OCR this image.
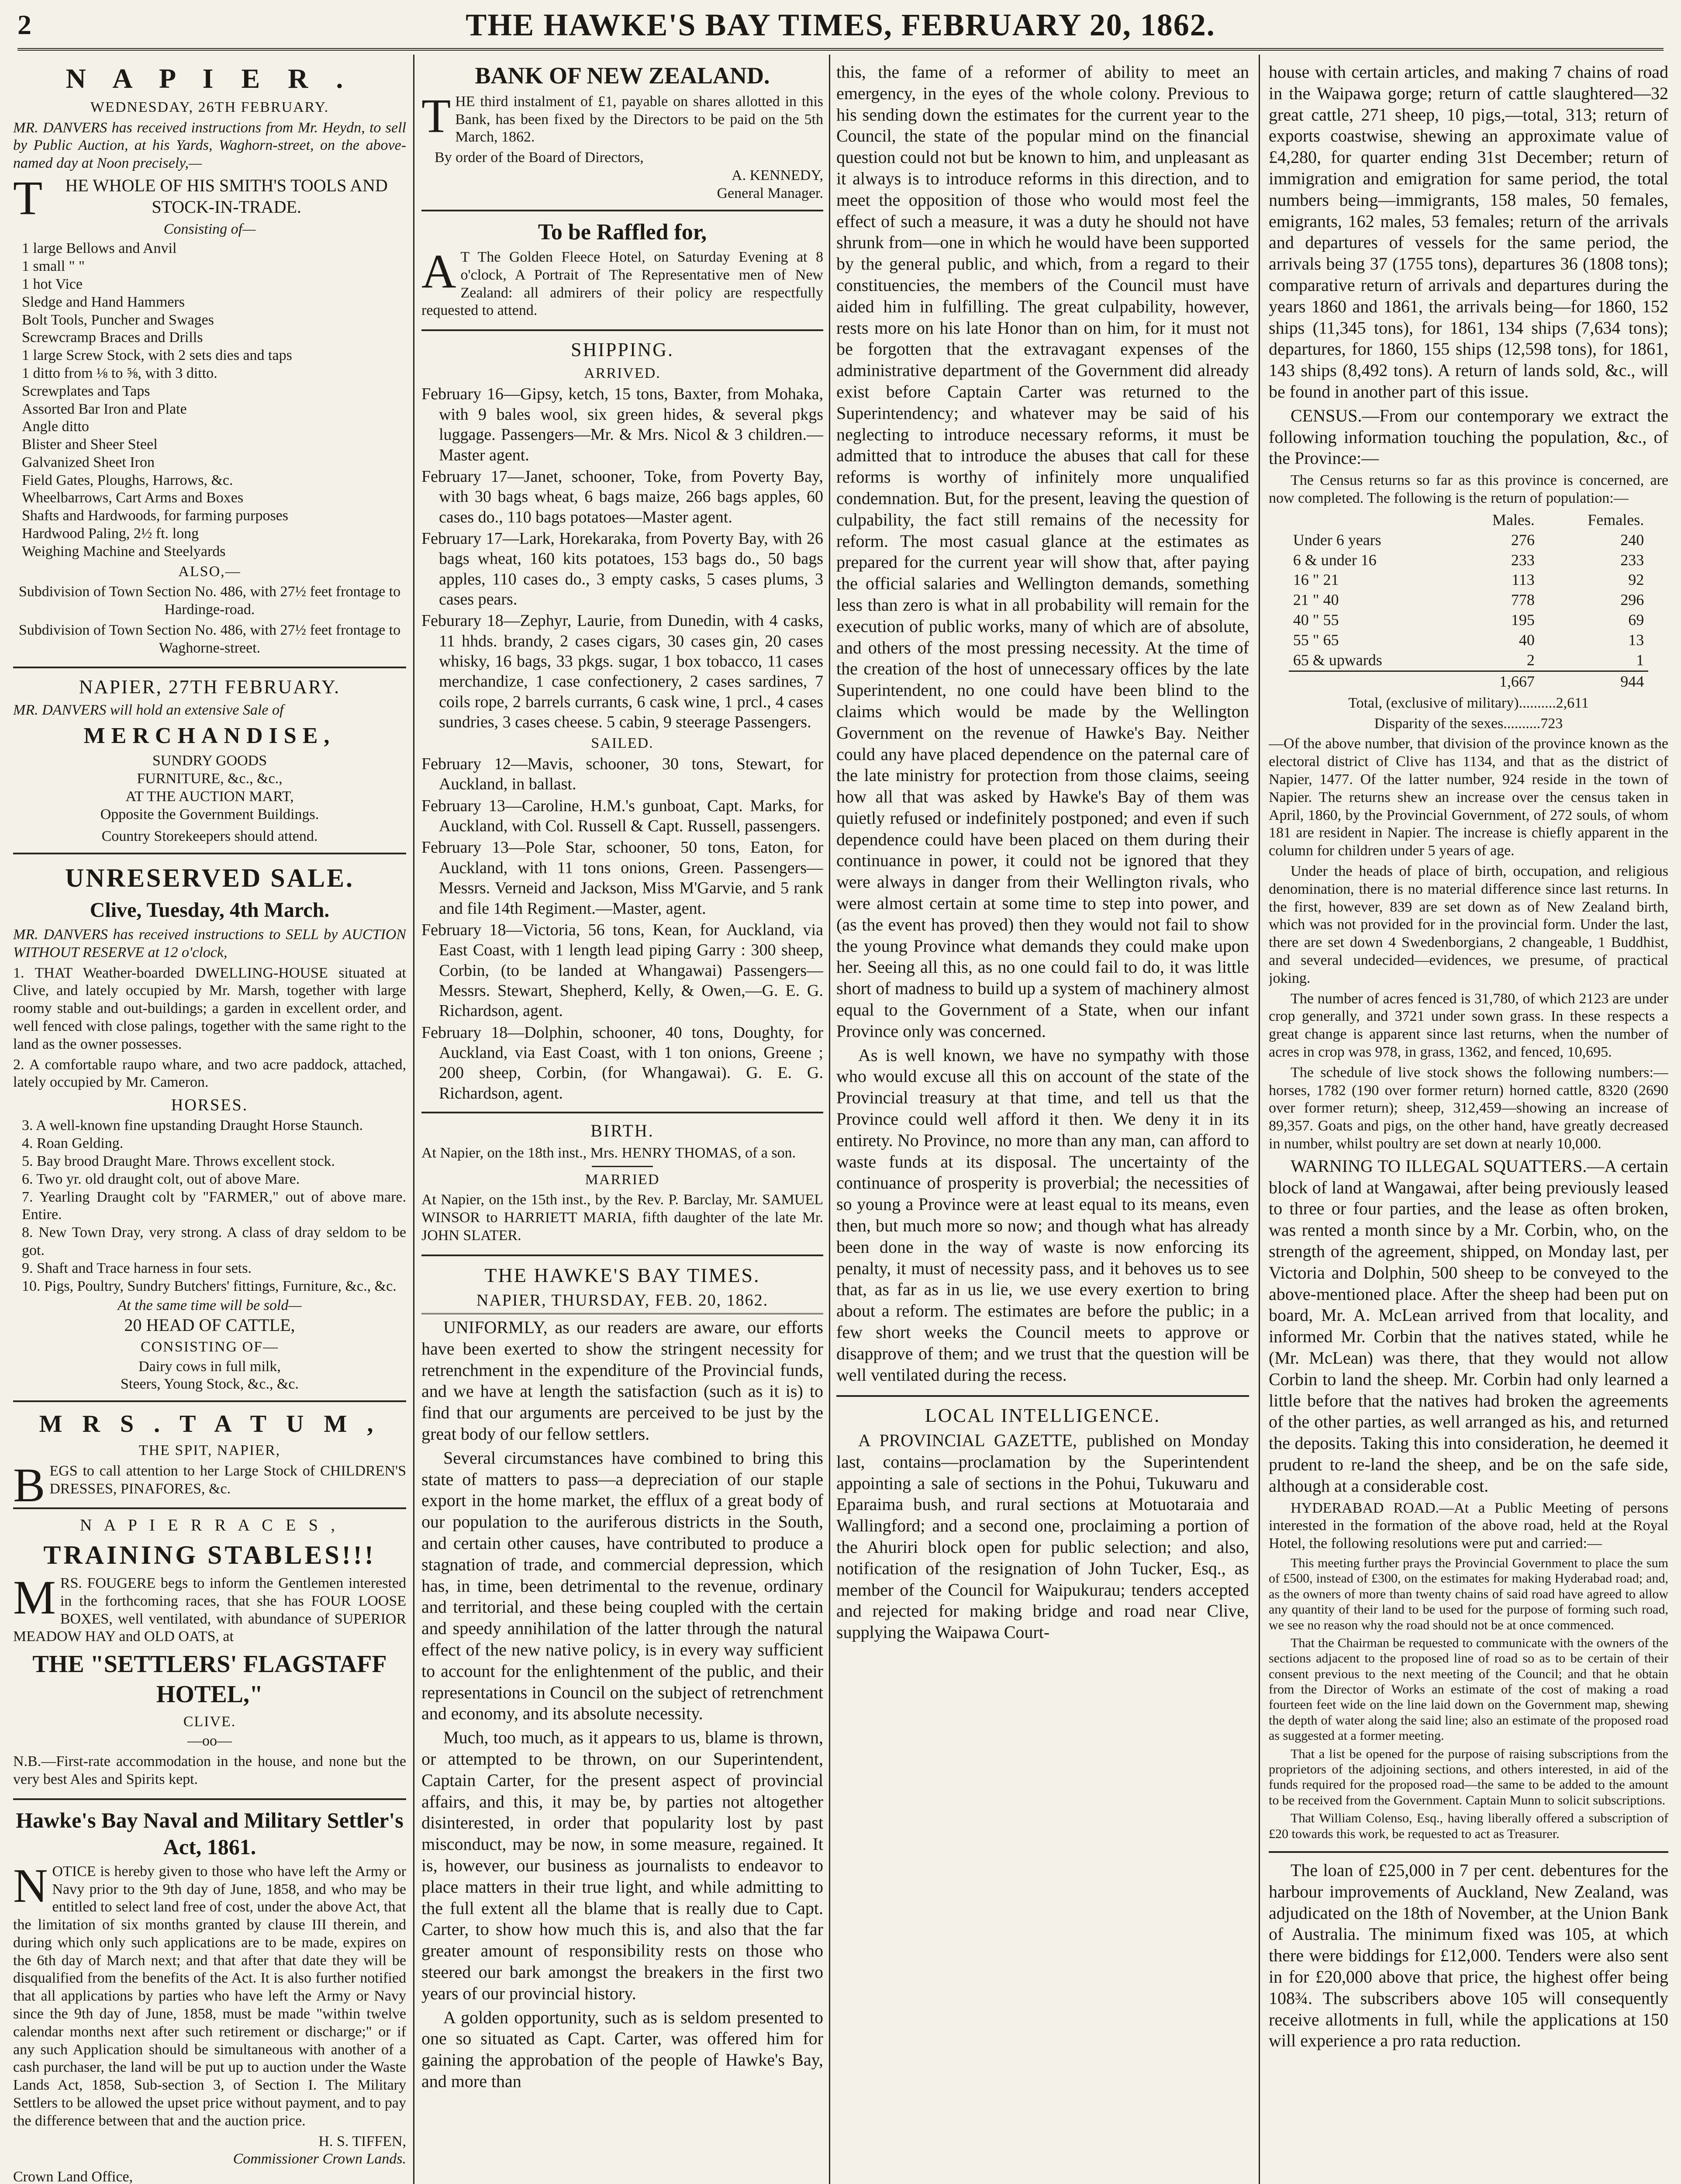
2	THE HAWKE'S BAY TIMES, FEBRUARY 20, 1862.
N A P I E R .
WEDNESDAY, 26TH FEBRUARY.
MR. DANVERS has received instructions from Mr. Heydn, to sell by Public Auction, at his Yards, Waghorn-street, on the above-named day at Noon precisely,—
THE WHOLE OF HIS SMITH'S TOOLS AND STOCK-IN-TRADE.
Consisting of—
1 large Bellows and Anvil
1 small " "
1 hot Vice
Sledge and Hand Hammers
Bolt Tools, Puncher and Swages
Screwcramp Braces and Drills
1 large Screw Stock, with 2 sets dies and taps
1 ditto from ⅛ to ⅝, with 3 ditto.
Screwplates and Taps
Assorted Bar Iron and Plate
Angle ditto
Blister and Sheer Steel
Galvanized Sheet Iron
Field Gates, Ploughs, Harrows, &c.
Wheelbarrows, Cart Arms and Boxes
Shafts and Hardwoods, for farming purposes
Hardwood Paling, 2½ ft. long
Weighing Machine and Steelyards
ALSO,—
Subdivision of Town Section No. 486, with 27½ feet frontage to Hardinge-road.
Subdivision of Town Section No. 486, with 27½ feet frontage to Waghorne-street.
NAPIER, 27TH FEBRUARY.
MR. DANVERS will hold an extensive Sale of
MERCHANDISE,
SUNDRY GOODS
FURNITURE, &c., &c.,
AT THE AUCTION MART,
Opposite the Government Buildings.
Country Storekeepers should attend.
UNRESERVED SALE.
Clive, Tuesday, 4th March.
MR. DANVERS has received instructions to SELL by AUCTION WITHOUT RESERVE at 12 o'clock,
1. THAT Weather-boarded DWELLING-HOUSE situated at Clive, and lately occupied by Mr. Marsh, together with large roomy stable and out-buildings; a garden in excellent order, and well fenced with close palings, together with the same right to the land as the owner possesses.
2. A comfortable raupo whare, and two acre paddock, attached, lately occupied by Mr. Cameron.
HORSES.
3. A well-known fine upstanding Draught Horse Staunch.
4. Roan Gelding.
5. Bay brood Draught Mare. Throws excellent stock.
6. Two yr. old draught colt, out of above Mare.
7. Yearling Draught colt by "FARMER," out of above mare. Entire.
8. New Town Dray, very strong. A class of dray seldom to be got.
9. Shaft and Trace harness in four sets.
10. Pigs, Poultry, Sundry Butchers' fittings, Furniture, &c., &c.
At the same time will be sold—
20 HEAD OF CATTLE,
CONSISTING OF—
Dairy cows in full milk,
Steers, Young Stock, &c., &c.
M R S . T A T U M ,
THE SPIT, NAPIER,
BEGS to call attention to her Large Stock of CHILDREN'S DRESSES, PINAFORES, &c.
N A P I E R R A C E S ,
TRAINING STABLES!!!
MRS. FOUGERE begs to inform the Gentlemen interested in the forthcoming races, that she has FOUR LOOSE BOXES, well ventilated, with abundance of SUPERIOR MEADOW HAY and OLD OATS, at
THE "SETTLERS' FLAGSTAFF HOTEL,"
CLIVE.
—oo—
N.B.—First-rate accommodation in the house, and none but the very best Ales and Spirits kept.
Hawke's Bay Naval and Military Settler's Act, 1861.
NOTICE is hereby given to those who have left the Army or Navy prior to the 9th day of June, 1858, and who may be entitled to select land free of cost, under the above Act, that the limitation of six months granted by clause III therein, and during which only such applications are to be made, expires on the 6th day of March next; and that after that date they will be disqualified from the benefits of the Act. It is also further notified that all applications by parties who have left the Army or Navy since the 9th day of June, 1858, must be made "within twelve calendar months next after such retirement or discharge;" or if any such Application should be simultaneous with another of a cash purchaser, the land will be put up to auction under the Waste Lands Act, 1858, Sub-section 3, of Section I. The Military Settlers to be allowed the upset price without payment, and to pay the difference between that and the auction price.
H. S. TIFFEN,
Commissioner Crown Lands.
Crown Land Office,
BANK OF NEW ZEALAND.
THE third instalment of £1, payable on shares allotted in this Bank, has been fixed by the Directors to be paid on the 5th March, 1862.
By order of the Board of Directors,
A. KENNEDY,
General Manager.
To be Raffled for,
AT The Golden Fleece Hotel, on Saturday Evening at 8 o'clock, A Portrait of The Representative men of New Zealand: all admirers of their policy are respectfully requested to attend.
SHIPPING.
ARRIVED.
February 16—Gipsy, ketch, 15 tons, Baxter, from Mohaka, with 9 bales wool, six green hides, & several pkgs luggage. Passengers—Mr. & Mrs. Nicol & 3 children.—Master agent.
February 17—Janet, schooner, Toke, from Poverty Bay, with 30 bags wheat, 6 bags maize, 266 bags apples, 60 cases do., 110 bags potatoes—Master agent.
February 17—Lark, Horekaraka, from Poverty Bay, with 26 bags wheat, 160 kits potatoes, 153 bags do., 50 bags apples, 110 cases do., 3 empty casks, 5 cases plums, 3 cases pears.
Feburary 18—Zephyr, Laurie, from Dunedin, with 4 casks, 11 hhds. brandy, 2 cases cigars, 30 cases gin, 20 cases whisky, 16 bags, 33 pkgs. sugar, 1 box tobacco, 11 cases merchandize, 1 case confectionery, 2 cases sardines, 7 coils rope, 2 barrels currants, 6 cask wine, 1 prcl., 4 cases sundries, 3 cases cheese. 5 cabin, 9 steerage Passengers.
SAILED.
February 12—Mavis, schooner, 30 tons, Stewart, for Auckland, in ballast.
February 13—Caroline, H.M.'s gunboat, Capt. Marks, for Auckland, with Col. Russell & Capt. Russell, passengers.
February 13—Pole Star, schooner, 50 tons, Eaton, for Auckland, with 11 tons onions, Green. Passengers—Messrs. Verneid and Jackson, Miss M'Garvie, and 5 rank and file 14th Regiment.—Master, agent.
February 18—Victoria, 56 tons, Kean, for Auckland, via East Coast, with 1 length lead piping Garry : 300 sheep, Corbin, (to be landed at Whangawai) Passengers—Messrs. Stewart, Shepherd, Kelly, & Owen,—G. E. G. Richardson, agent.
February 18—Dolphin, schooner, 40 tons, Doughty, for Auckland, via East Coast, with 1 ton onions, Greene ; 200 sheep, Corbin, (for Whangawai). G. E. G. Richardson, agent.
BIRTH.
At Napier, on the 18th inst., Mrs. HENRY THOMAS, of a son.
MARRIED
At Napier, on the 15th inst., by the Rev. P. Barclay, Mr. SAMUEL WINSOR to HARRIETT MARIA, fifth daughter of the late Mr. JOHN SLATER.
THE HAWKE'S BAY TIMES.
NAPIER, THURSDAY, FEB. 20, 1862.
UNIFORMLY, as our readers are aware, our efforts have been exerted to show the stringent necessity for retrenchment in the expenditure of the Provincial funds, and we have at length the satisfaction (such as it is) to find that our arguments are perceived to be just by the great body of our fellow settlers.
Several circumstances have combined to bring this state of matters to pass—a depreciation of our staple export in the home market, the efflux of a great body of our population to the auriferous districts in the South, and certain other causes, have contributed to produce a stagnation of trade, and commercial depression, which has, in time, been detrimental to the revenue, ordinary and territorial, and these being coupled with the certain and speedy annihilation of the latter through the natural effect of the new native policy, is in every way sufficient to account for the enlightenment of the public, and their representations in Council on the subject of retrenchment and economy, and its absolute necessity.
Much, too much, as it appears to us, blame is thrown, or attempted to be thrown, on our Superintendent, Captain Carter, for the present aspect of provincial affairs, and this, it may be, by parties not altogether disinterested, in order that popularity lost by past misconduct, may be now, in some measure, regained. It is, however, our business as journalists to endeavor to place matters in their true light, and while admitting to the full extent all the blame that is really due to Capt. Carter, to show how much this is, and also that the far greater amount of responsibility rests on those who steered our bark amongst the breakers in the first two years of our provincial history.
A golden opportunity, such as is seldom presented to one so situated as Capt. Carter, was offered him for gaining the approbation of the people of Hawke's Bay, and more than
this, the fame of a reformer of ability to meet an emergency, in the eyes of the whole colony. Previous to his sending down the estimates for the current year to the Council, the state of the popular mind on the financial question could not but be known to him, and unpleasant as it always is to introduce reforms in this direction, and to meet the opposition of those who would most feel the effect of such a measure, it was a duty he should not have shrunk from—one in which he would have been supported by the general public, and which, from a regard to their constituencies, the members of the Council must have aided him in fulfilling. The great culpability, however, rests more on his late Honor than on him, for it must not be forgotten that the extravagant expenses of the administrative department of the Government did already exist before Captain Carter was returned to the Superintendency; and whatever may be said of his neglecting to introduce necessary reforms, it must be admitted that to introduce the abuses that call for these reforms is worthy of infinitely more unqualified condemnation. But, for the present, leaving the question of culpability, the fact still remains of the necessity for reform. The most casual glance at the estimates as prepared for the current year will show that, after paying the official salaries and Wellington demands, something less than zero is what in all probability will remain for the execution of public works, many of which are of absolute, and others of the most pressing necessity. At the time of the creation of the host of unnecessary offices by the late Superintendent, no one could have been blind to the claims which would be made by the Wellington Government on the revenue of Hawke's Bay. Neither could any have placed dependence on the paternal care of the late ministry for protection from those claims, seeing how all that was asked by Hawke's Bay of them was quietly refused or indefinitely postponed; and even if such dependence could have been placed on them during their continuance in power, it could not be ignored that they were always in danger from their Wellington rivals, who were almost certain at some time to step into power, and (as the event has proved) then they would not fail to show the young Province what demands they could make upon her. Seeing all this, as no one could fail to do, it was little short of madness to build up a system of machinery almost equal to the Government of a State, when our infant Province only was concerned.
As is well known, we have no sympathy with those who would excuse all this on account of the state of the Provincial treasury at that time, and tell us that the Province could well afford it then. We deny it in its entirety. No Province, no more than any man, can afford to waste funds at its disposal. The uncertainty of the continuance of prosperity is proverbial; the necessities of so young a Province were at least equal to its means, even then, but much more so now; and though what has already been done in the way of waste is now enforcing its penalty, it must of necessity pass, and it behoves us to see that, as far as in us lie, we use every exertion to bring about a reform. The estimates are before the public; in a few short weeks the Council meets to approve or disapprove of them; and we trust that the question will be well ventilated during the recess.
LOCAL INTELLIGENCE.
A PROVINCIAL GAZETTE, published on Monday last, contains—proclamation by the Superintendent appointing a sale of sections in the Pohui, Tukuwaru and Eparaima bush, and rural sections at Motuotaraia and Wallingford; and a second one, proclaiming a portion of the Ahuriri block open for public selection; and also, notification of the resignation of John Tucker, Esq., as member of the Council for Waipukurau; tenders accepted and rejected for making bridge and road near Clive, supplying the Waipawa Court-
house with certain articles, and making 7 chains of road in the Waipawa gorge; return of cattle slaughtered—32 great cattle, 271 sheep, 10 pigs,—total, 313; return of exports coastwise, shewing an approximate value of £4,280, for quarter ending 31st December; return of immigration and emigration for same period, the total numbers being—immigrants, 158 males, 50 females, emigrants, 162 males, 53 females; return of the arrivals and departures of vessels for the same period, the arrivals being 37 (1755 tons), departures 36 (1808 tons); comparative return of arrivals and departures during the years 1860 and 1861, the arrivals being—for 1860, 152 ships (11,345 tons), for 1861, 134 ships (7,634 tons); departures, for 1860, 155 ships (12,598 tons), for 1861, 143 ships (8,492 tons). A return of lands sold, &c., will be found in another part of this issue.
CENSUS.—From our contemporary we extract the following information touching the population, &c., of the Province:—
The Census returns so far as this province is concerned, are now completed. The following is the return of population:—
	Males.	Females.
Under 6 years	276	240
6 & under 16	233	233
16 " 21	113	92
21 " 40	778	296
40 " 55	195	69
55 " 65	40	13
65 & upwards	2	1
	1,667	944
Total, (exclusive of military)..........2,611
Disparity of the sexes..........723
—Of the above number, that division of the province known as the electoral district of Clive has 1134, and that as the district of Napier, 1477. Of the latter number, 924 reside in the town of Napier. The returns shew an increase over the census taken in April, 1860, by the Provincial Government, of 272 souls, of whom 181 are resident in Napier. The increase is chiefly apparent in the column for children under 5 years of age.
Under the heads of place of birth, occupation, and religious denomination, there is no material difference since last returns. In the first, however, 839 are set down as of New Zealand birth, which was not provided for in the provincial form. Under the last, there are set down 4 Swedenborgians, 2 changeable, 1 Buddhist, and several undecided—evidences, we presume, of practical joking.
The number of acres fenced is 31,780, of which 2123 are under crop generally, and 3721 under sown grass. In these respects a great change is apparent since last returns, when the number of acres in crop was 978, in grass, 1362, and fenced, 10,695.
The schedule of live stock shows the following numbers:—horses, 1782 (190 over former return) horned cattle, 8320 (2690 over former return); sheep, 312,459—showing an increase of 89,357. Goats and pigs, on the other hand, have greatly decreased in number, whilst poultry are set down at nearly 10,000.
WARNING TO ILLEGAL SQUATTERS.—A certain block of land at Wangawai, after being previously leased to three or four parties, and the lease as often broken, was rented a month since by a Mr. Corbin, who, on the strength of the agreement, shipped, on Monday last, per Victoria and Dolphin, 500 sheep to be conveyed to the above-mentioned place. After the sheep had been put on board, Mr. A. McLean arrived from that locality, and informed Mr. Corbin that the natives stated, while he (Mr. McLean) was there, that they would not allow Corbin to land the sheep. Mr. Corbin had only learned a little before that the natives had broken the agreements of the other parties, as well arranged as his, and returned the deposits. Taking this into consideration, he deemed it prudent to re-land the sheep, and be on the safe side, although at a considerable cost.
HYDERABAD ROAD.—At a Public Meeting of persons interested in the formation of the above road, held at the Royal Hotel, the following resolutions were put and carried:—
This meeting further prays the Provincial Government to place the sum of £500, instead of £300, on the estimates for making Hyderabad road; and, as the owners of more than twenty chains of said road have agreed to allow any quantity of their land to be used for the purpose of forming such road, we see no reason why the road should not be at once commenced.
That the Chairman be requested to communicate with the owners of the sections adjacent to the proposed line of road so as to be certain of their consent previous to the next meeting of the Council; and that he obtain from the Director of Works an estimate of the cost of making a road fourteen feet wide on the line laid down on the Government map, shewing the depth of water along the said line; also an estimate of the proposed road as suggested at a former meeting.
That a list be opened for the purpose of raising subscriptions from the proprietors of the adjoining sections, and others interested, in aid of the funds required for the proposed road—the same to be added to the amount to be received from the Government. Captain Munn to solicit subscriptions.
That William Colenso, Esq., having liberally offered a subscription of £20 towards this work, be requested to act as Treasurer.
The loan of £25,000 in 7 per cent. debentures for the harbour improvements of Auckland, New Zealand, was adjudicated on the 18th of November, at the Union Bank of Australia. The minimum fixed was 105, at which there were biddings for £12,000. Tenders were also sent in for £20,000 above that price, the highest offer being 108¾. The subscribers above 105 will consequently receive allotments in full, while the applications at 150 will experience a pro rata reduction.
